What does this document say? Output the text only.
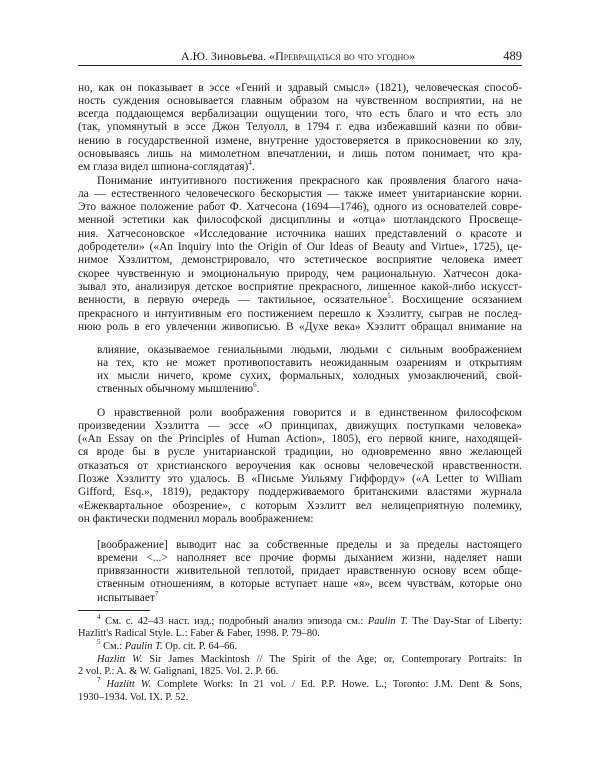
А.Ю. Зиновьева. «Превращаться во что угодно»	489
но, как он показывает в эссе «Гений и здравый смысл» (1821), человеческая способ-
ность суждения основывается главным образом на чувственном восприятии, на не
всегда поддающемся вербализации ощущении того, что есть благо и что есть зло
(так, упомянутый в эссе Джон Телуолл, в 1794 г. едва избежавший казни по обви-
нению в государственной измене, внутренне удостоверяется в прикосновении ко злу,
основываясь лишь на мимолетном впечатлении, и лишь потом понимает, что кра-
ем глаза видел шпиона-соглядатая)$^4$.
Понимание интуитивного постижения прекрасного как проявления благого нача-
ла — естественного человеческого бескорыстия — также имеет унитарианские корни.
Это важное положение работ Ф. Хатчесона (1694—1746), одного из основателей совре-
менной эстетики как философской дисциплины и «отца» шотландского Просвеще-
ния. Хатчесоновское «Исследование источника наших представлений о красоте и
добродетели» («An Inquiry into the Origin of Our Ideas of Beauty and Virtue», 1725), це-
нимое Хэзлиттом, демонстрировало, что эстетическое восприятие человека имеет
скорее чувственную и эмоциональную природу, чем рациональную. Хатчесон дока-
зывал это, анализируя детское восприятие прекрасного, лишенное какой-либо искусст-
венности, в первую очередь — тактильное, осязательное$^5$. Восхищение осязанием
прекрасного и интуитивным его постижением перешло к Хэзлитту, сыграв не послед-
нюю роль в его увлечении живописью. В «Духе века» Хэзлитт обращал внимание на
влияние, оказываемое гениальными людьми, людьми с сильным воображением
на тех, кто не может противопоставить неожиданным озарениям и открытиям
их мысли ничего, кроме сухих, формальных, холодных умозаключений, свой-
ственных обычному мышлению$^6$.
О нравственной роли воображения говорится и в единственном философском
произведении Хэзлитта — эссе «О принципах, движущих поступками человека»
(«An Essay on the Principles of Human Action», 1805), его первой книге, находящей-
ся вроде бы в русле унитарианской традиции, но одновременно явно желающей
отказаться от христианского вероучения как основы человеческой нравственности.
Позже Хэзлитту это удалось. В «Письме Уильяму Гиффорду» («A Letter to William
Gifford, Esq.», 1819), редактору поддерживаемого британскими властями журнала
«Ежеквартальное обозрение», с которым Хэзлитт вел нелицеприятную полемику,
он фактически подменил мораль воображением:
[воображение] выводит нас за собственные пределы и за пределы настоящего
времени <...> наполняет все прочие формы дыханием жизни, наделяет наши
привязанности живительной теплотой, придает нравственную основу всем обще-
ственным отношениям, в которые вступает наше «я», всем чувствам, которые оно
испытывает$^7$
$^4$ См. с. 42–43 наст. изд.; подробный анализ эпизода см.: Paulin T. The Day-Star of Liberty:
Hazlitt's Radical Style. L.: Faber & Faber, 1998. P. 79–80.
$^5$ См.: Paulin T. Op. cit. P. 64–66.
Hazlitt W. Sir James Mackintosh // The Spirit of the Age; or, Contemporary Portraits: In
2 vol. P.: A. & W. Galignani, 1825. Vol. 2. P. 66.
$^7$ Hazlitt W. Complete Works: In 21 vol. / Ed. P.P. Howe. L.; Toronto: J.M. Dent & Sons,
1930–1934. Vol. IX. P. 52.
